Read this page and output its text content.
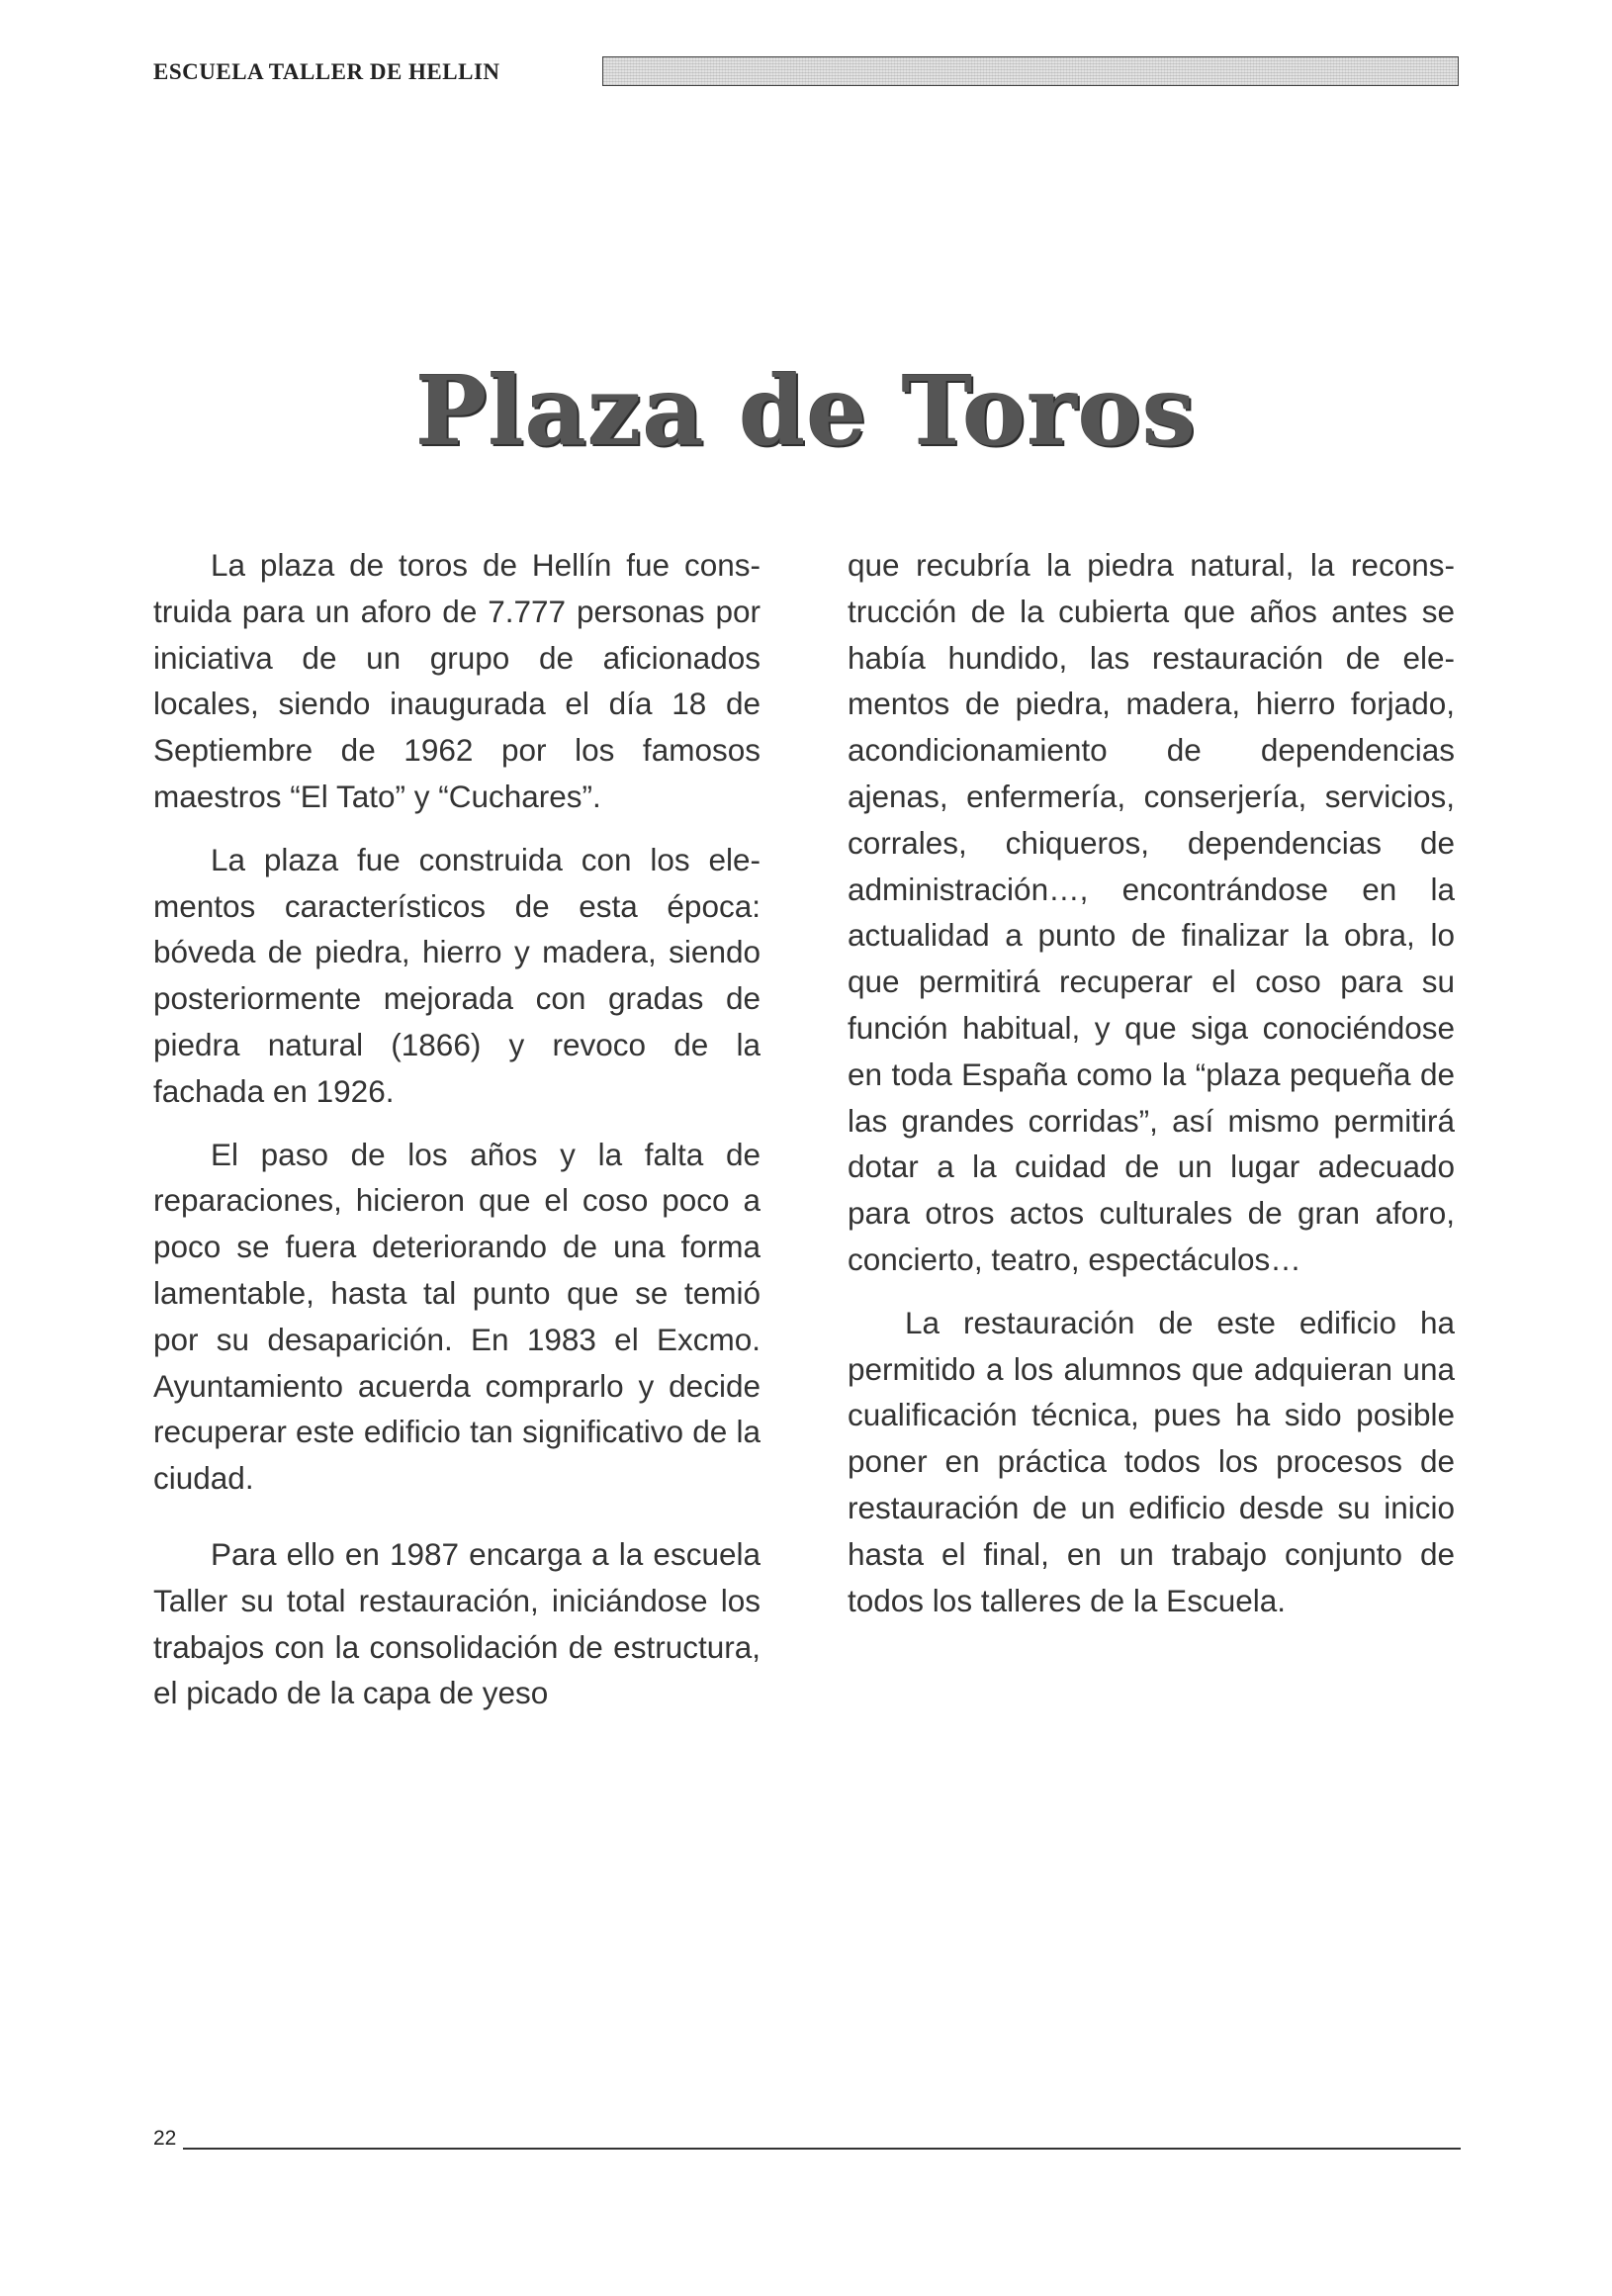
ESCUELA TALLER DE HELLIN
Plaza de Toros

La plaza de toros de Hellín fue construida para un aforo de 7.777 personas por iniciativa de un grupo de aficionados locales, siendo inaugurada el día 18 de Septiembre de 1962 por los famosos maestros “El Tato” y “Cuchares”.

La plaza fue construida con los elementos característicos de esta época: bóveda de piedra, hierro y madera, siendo posteriormente mejorada con gradas de piedra natural (1866) y revoco de la fachada en 1926.

El paso de los años y la falta de reparaciones, hicieron que el coso poco a poco se fuera deteriorando de una forma lamentable, hasta tal punto que se temió por su desaparición. En 1983 el Excmo. Ayuntamiento acuerda comprarlo y decide recuperar este edificio tan significativo de la ciudad.

Para ello en 1987 encarga a la escuela Taller su total restauración, iniciándose los trabajos con la consolidación de estructura, el picado de la capa de yeso

que recubría la piedra natural, la reconstrucción de la cubierta que años antes se había hundido, las restauración de elementos de piedra, madera, hierro forjado, acondicionamiento de dependencias ajenas, enfermería, conserjería, servicios, corrales, chiqueros, dependencias de administración…, encontrándose en la actualidad a punto de finalizar la obra, lo que permitirá recuperar el coso para su función habitual, y que siga conociéndose en toda España como la “plaza pequeña de las grandes corridas”, así mismo permitirá dotar a la cuidad de un lugar adecuado para otros actos culturales de gran aforo, concierto, teatro, espectáculos…

La restauración de este edificio ha permitido a los alumnos que adquieran una cualificación técnica, pues ha sido posible poner en práctica todos los procesos de restauración de un edificio desde su inicio hasta el final, en un trabajo conjunto de todos los talleres de la Escuela.

22
